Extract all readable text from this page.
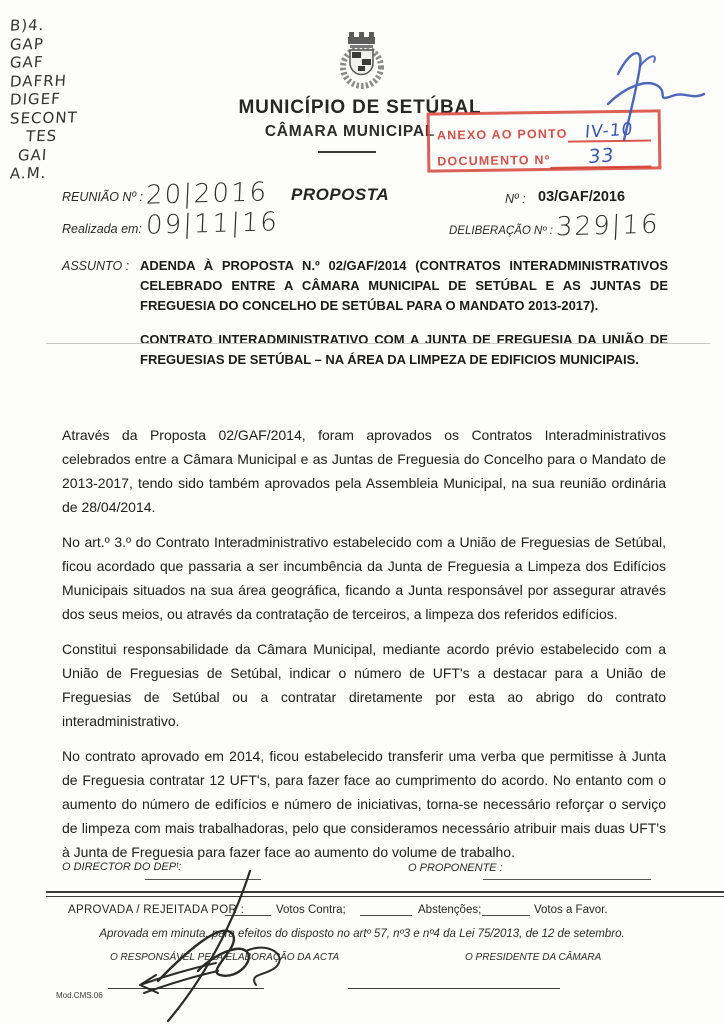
B)4.
GAP
GAF
DAFRH
DIGEF
SECONT
TES
GAI
A.M.
MUNICÍPIO DE SETÚBAL
CÂMARA MUNICIPAL ANEXO AO PONTO IV-10
DOCUMENTO Nº	33
REUNIÃO Nº : 20|2016 PROPOSTA	Nº : 03/GAF/2016
Realizada em: 09|11|16	DELIBERAÇÃO Nº : 329|16
ASSUNTO : ADENDA À PROPOSTA N.º 02/GAF/2014 (CONTRATOS INTERADMINISTRATIVOS CELEBRADO ENTRE A CÂMARA MUNICIPAL DE SETÚBAL E AS JUNTAS DE FREGUESIA DO CONCELHO DE SETÚBAL PARA O MANDATO 2013-2017).

CONTRATO INTERADMINISTRATIVO COM A JUNTA DE FREGUESIA DA UNIÃO DE FREGUESIAS DE SETÚBAL – NA ÁREA DA LIMPEZA DE EDIFICIOS MUNICIPAIS.

Através da Proposta 02/GAF/2014, foram aprovados os Contratos Interadministrativos celebrados entre a Câmara Municipal e as Juntas de Freguesia do Concelho para o Mandato de 2013-2017, tendo sido também aprovados pela Assembleia Municipal, na sua reunião ordinária de 28/04/2014.

No art.º 3.º do Contrato Interadministrativo estabelecido com a União de Freguesias de Setúbal, ficou acordado que passaria a ser incumbência da Junta de Freguesia a Limpeza dos Edifícios Municipais situados na sua área geográfica, ficando a Junta responsável por assegurar através dos seus meios, ou através da contratação de terceiros, a limpeza dos referidos edifícios.

Constitui responsabilidade da Câmara Municipal, mediante acordo prévio estabelecido com a União de Freguesias de Setúbal, indicar o número de UFT's a destacar para a União de Freguesias de Setúbal ou a contratar diretamente por esta ao abrigo do contrato interadministrativo.

No contrato aprovado em 2014, ficou estabelecido transferir uma verba que permitisse à Junta de Freguesia contratar 12 UFT's, para fazer face ao cumprimento do acordo. No entanto com o aumento do número de edifícios e número de iniciativas, torna-se necessário reforçar o serviço de limpeza com mais trabalhadoras, pelo que consideramos necessário atribuir mais duas UFT's à Junta de Freguesia para fazer face ao aumento do volume de trabalho.

O DIRECTOR DO DEPᵗ:	O PROPONENTE :
APROVADA / REJEITADA POR :	Votos Contra;	Abstenções;	Votos a Favor.
Aprovada em minuta, para efeitos do disposto no artº 57, nº3 e nº4 da Lei 75/2013, de 12 de setembro.
O RESPONSÁVEL PELA ELABORAÇÃO DA ACTA	O PRESIDENTE DA CÂMARA
Mod.CMS.06
